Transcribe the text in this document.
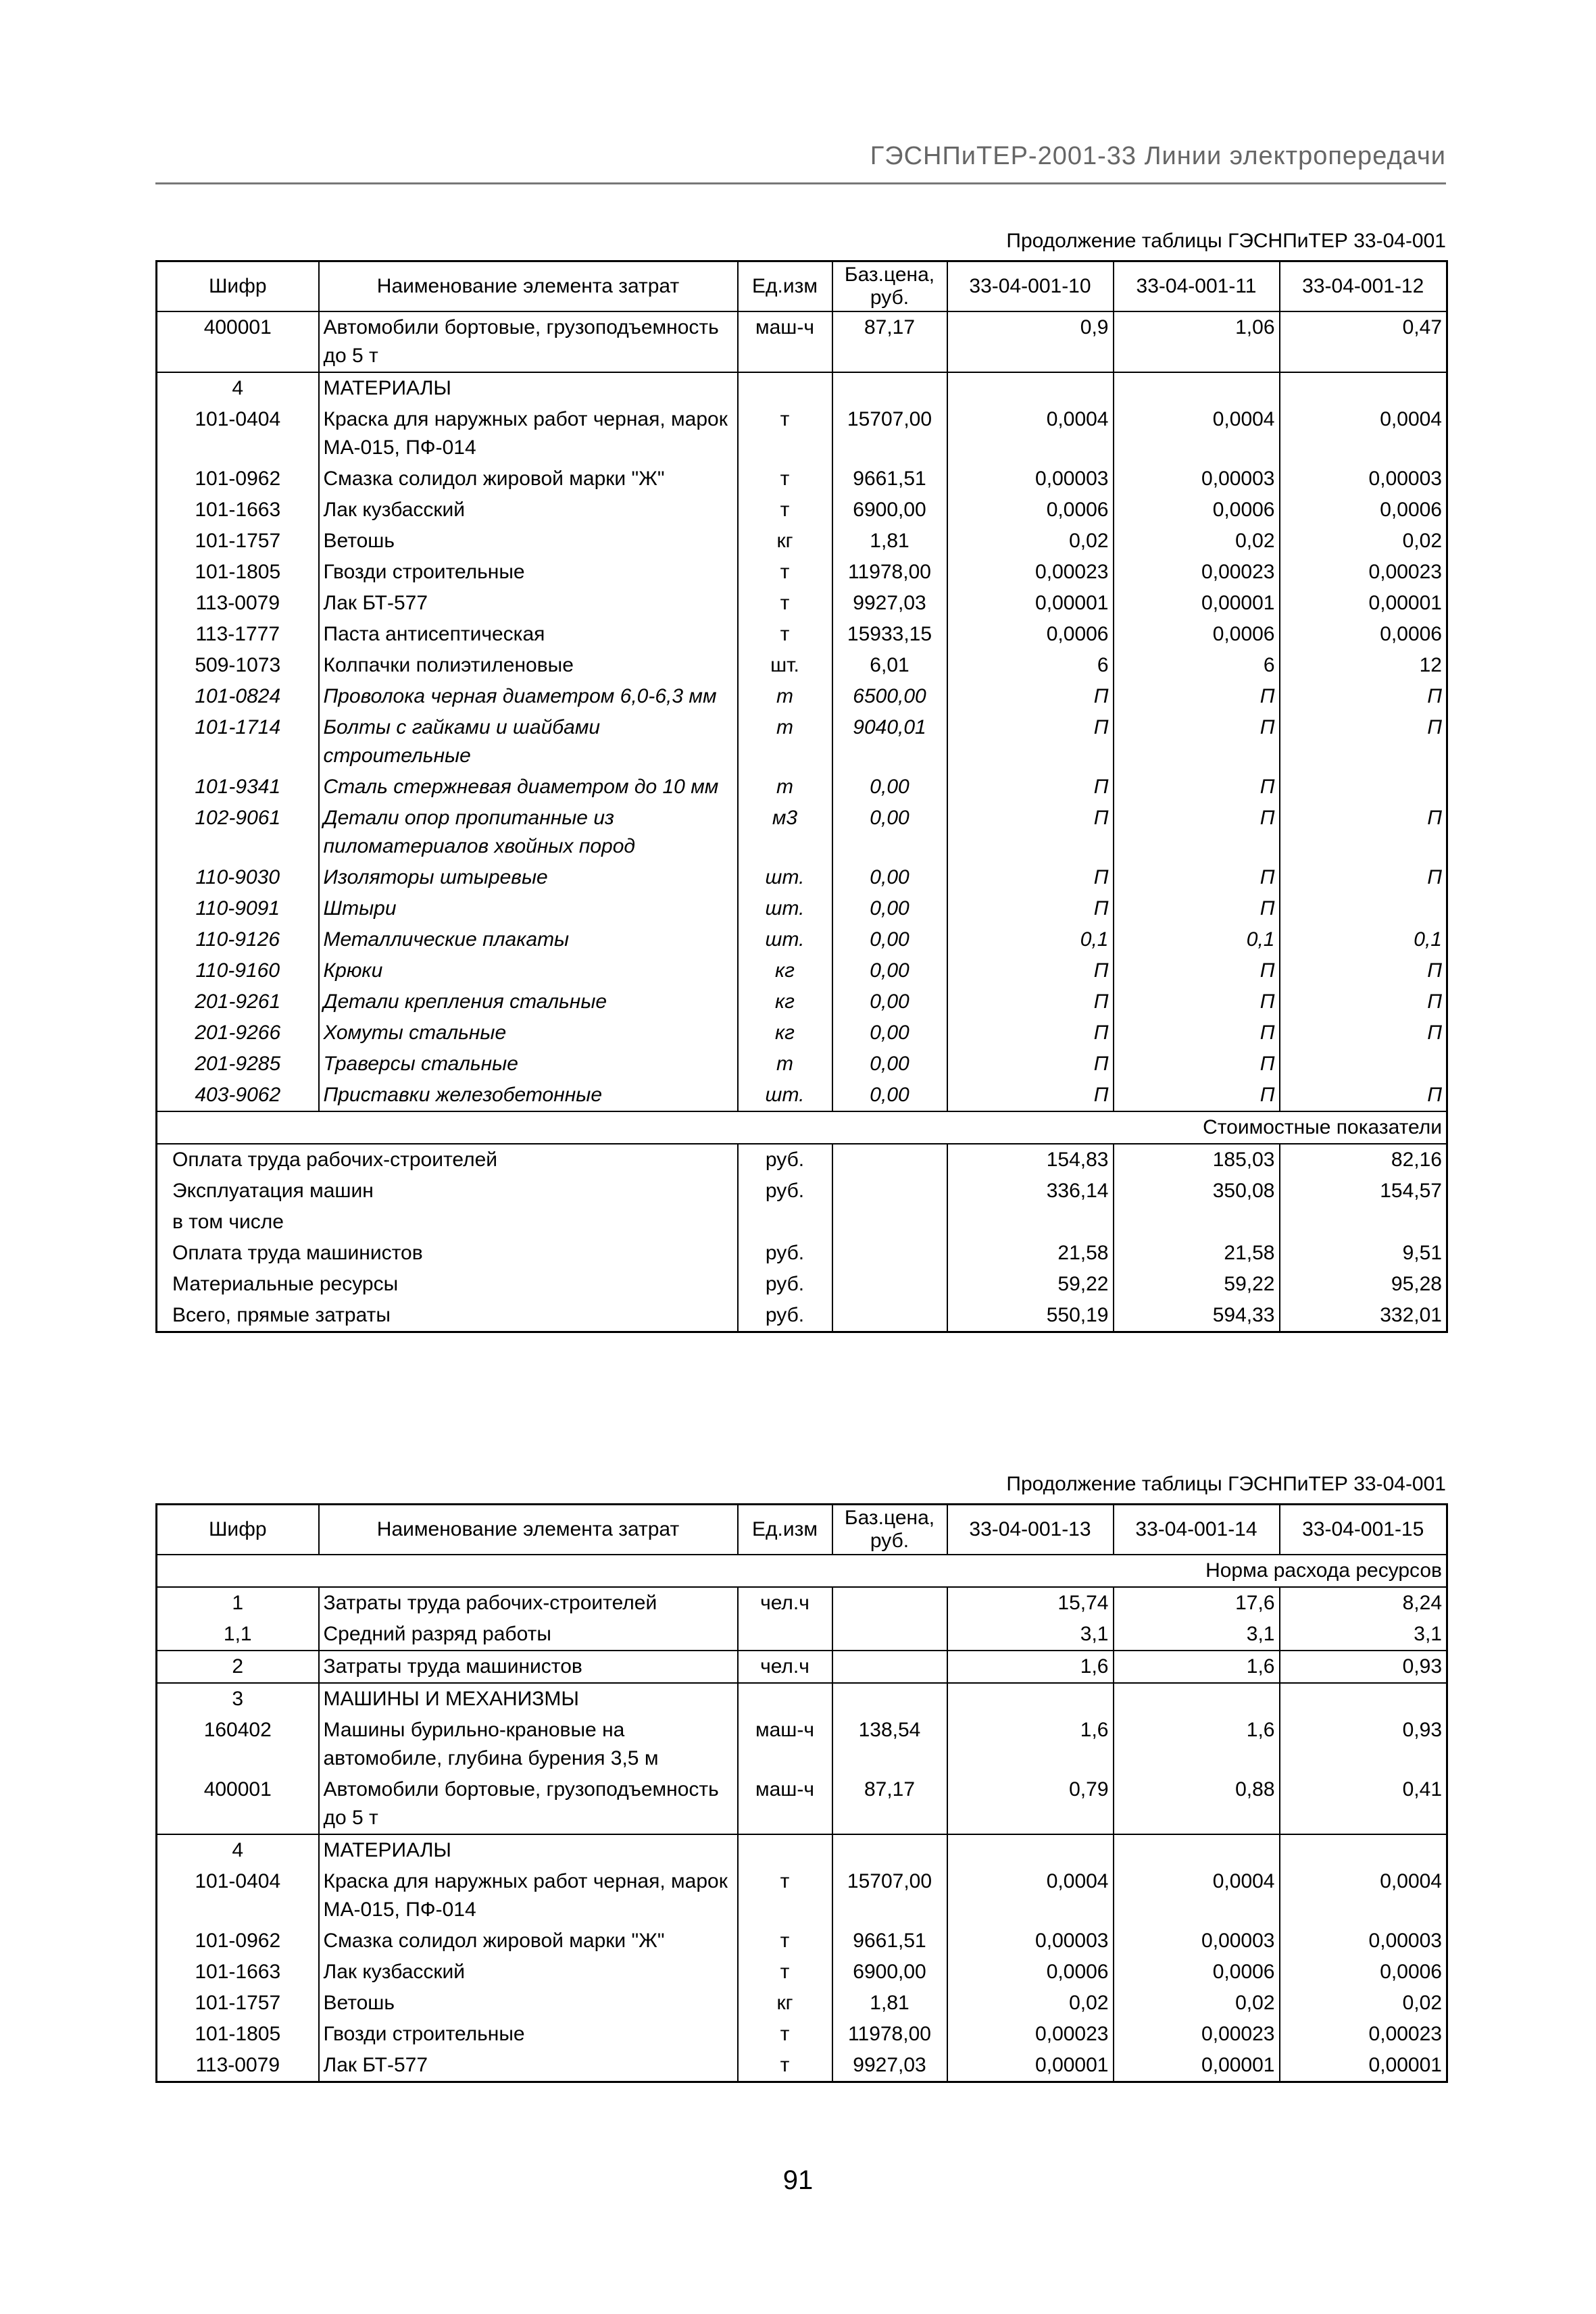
ГЭСНПиТЕР-2001-33 Линии электропередачи
Продолжение таблицы ГЭСНПиТЕР 33-04-001
Шифр	Наименование элемента затрат	Ед.изм	Баз.цена, руб.	33-04-001-10	33-04-001-11	33-04-001-12
400001	Автомобили бортовые, грузоподъемность до 5 т	маш-ч	87,17	0,9	1,06	0,47
4	МАТЕРИАЛЫ					
101-0404	Краска для наружных работ черная, марок МА-015, ПФ-014	т	15707,00	0,0004	0,0004	0,0004
101-0962	Смазка солидол жировой марки "Ж"	т	9661,51	0,00003	0,00003	0,00003
101-1663	Лак кузбасский	т	6900,00	0,0006	0,0006	0,0006
101-1757	Ветошь	кг	1,81	0,02	0,02	0,02
101-1805	Гвозди строительные	т	11978,00	0,00023	0,00023	0,00023
113-0079	Лак БТ-577	т	9927,03	0,00001	0,00001	0,00001
113-1777	Паста антисептическая	т	15933,15	0,0006	0,0006	0,0006
509-1073	Колпачки полиэтиленовые	шт.	6,01	6	6	12
101-0824	Проволока черная диаметром 6,0-6,3 мм	т	6500,00	П	П	П
101-1714	Болты с гайками и шайбами строительные	т	9040,01	П	П	П
101-9341	Сталь стержневая диаметром до 10 мм	т	0,00	П	П	
102-9061	Детали опор пропитанные из пиломатериалов хвойных пород	м3	0,00	П	П	П
110-9030	Изоляторы штыревые	шт.	0,00	П	П	П
110-9091	Штыри	шт.	0,00	П	П	
110-9126	Металлические плакаты	шт.	0,00	0,1	0,1	0,1
110-9160	Крюки	кг	0,00	П	П	П
201-9261	Детали крепления стальные	кг	0,00	П	П	П
201-9266	Хомуты стальные	кг	0,00	П	П	П
201-9285	Траверсы стальные	т	0,00	П	П	
403-9062	Приставки железобетонные	шт.	0,00	П	П	П
Стоимостные показатели						
Оплата труда рабочих-строителей		руб.		154,83	185,03	82,16
Эксплуатация машин		руб.		336,14	350,08	154,57
в том числе						
Оплата труда машинистов		руб.		21,58	21,58	9,51
Материальные ресурсы		руб.		59,22	59,22	95,28
Всего, прямые затраты		руб.		550,19	594,33	332,01
Продолжение таблицы ГЭСНПиТЕР 33-04-001
Шифр	Наименование элемента затрат	Ед.изм	Баз.цена, руб.	33-04-001-13	33-04-001-14	33-04-001-15
Норма расхода ресурсов						
1	Затраты труда рабочих-строителей	чел.ч		15,74	17,6	8,24
1,1	Средний разряд работы			3,1	3,1	3,1
2	Затраты труда машинистов	чел.ч		1,6	1,6	0,93
3	МАШИНЫ И МЕХАНИЗМЫ					
160402	Машины бурильно-крановые на автомобиле, глубина бурения 3,5 м	маш-ч	138,54	1,6	1,6	0,93
400001	Автомобили бортовые, грузоподъемность до 5 т	маш-ч	87,17	0,79	0,88	0,41
4	МАТЕРИАЛЫ					
101-0404	Краска для наружных работ черная, марок МА-015, ПФ-014	т	15707,00	0,0004	0,0004	0,0004
101-0962	Смазка солидол жировой марки "Ж"	т	9661,51	0,00003	0,00003	0,00003
101-1663	Лак кузбасский	т	6900,00	0,0006	0,0006	0,0006
101-1757	Ветошь	кг	1,81	0,02	0,02	0,02
101-1805	Гвозди строительные	т	11978,00	0,00023	0,00023	0,00023
113-0079	Лак БТ-577	т	9927,03	0,00001	0,00001	0,00001
91
